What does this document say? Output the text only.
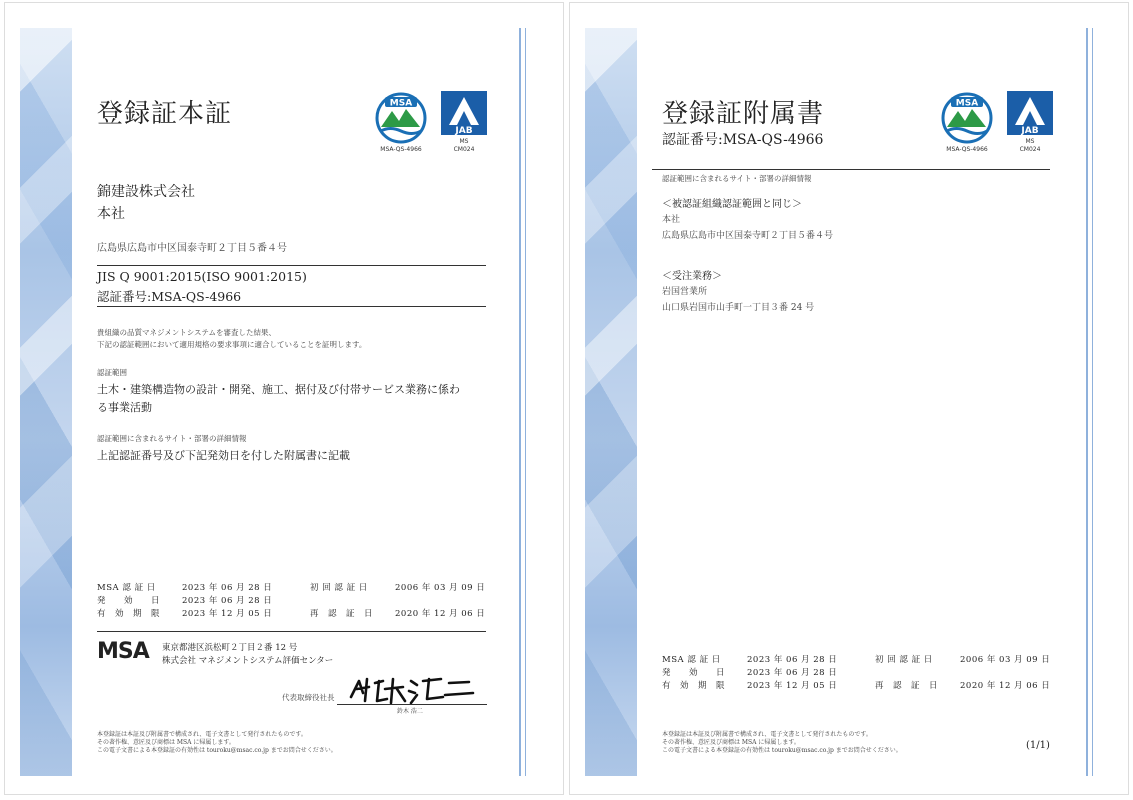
登録証本証	MSA
MSA-QS-4966
JAB
MS
CM024
錦建設株式会社
本社
広島県広島市中区国泰寺町２丁目５番４号
JIS Q 9001:2015(ISO 9001:2015)
認証番号:MSA-QS-4966
貴組織の品質マネジメントシステムを審査した結果、
下記の認証範囲において適用規格の要求事項に適合していることを証明します。
認証範囲
土木・建築構造物の設計・開発、施工、据付及び付帯サービス業務に係わ
る事業活動
認証範囲に含まれるサイト・部署の詳細情報
上記認証番号及び下記発効日を付した附属書に記載
MSA 認 証 日	2023 年 06 月 28 日	初 回 認 証 日	2006 年 03 月 09 日
発　　効　　日	2023 年 06 月 28 日
有　効　期　限	2023 年 12 月 05 日	再　認　証　日	2020 年 12 月 06 日
MSA 東京都港区浜松町２丁目２番 12 号
株式会社 マネジメントシステム評価センター
代表取締役社長
鈴木 浩二
本登録証は本証及び附属書で構成され、電子文書として発行されたものです。
その著作権、意匠及び商標は MSA に帰属します。
この電子文書による本登録証の有効性は touroku@msac.co.jp までお問合せください。
登録証附属書
認証番号:MSA-QS-4966
MSA
MSA-QS-4966
JAB
MS
CM024
認証範囲に含まれるサイト・部署の詳細情報
＜被認証組織認証範囲と同じ＞
本社
広島県広島市中区国泰寺町２丁目５番４号
＜受注業務＞
岩国営業所
山口県岩国市山手町一丁目３番 24 号
MSA 認 証 日	2023 年 06 月 28 日	初 回 認 証 日	2006 年 03 月 09 日
発　　効　　日	2023 年 06 月 28 日
有　効　期　限	2023 年 12 月 05 日	再　認　証　日	2020 年 12 月 06 日
本登録証は本証及び附属書で構成され、電子文書として発行されたものです。
その著作権、意匠及び商標は MSA に帰属します。
この電子文書による本登録証の有効性は touroku@msac.co.jp までお問合せください。	(1/1)
